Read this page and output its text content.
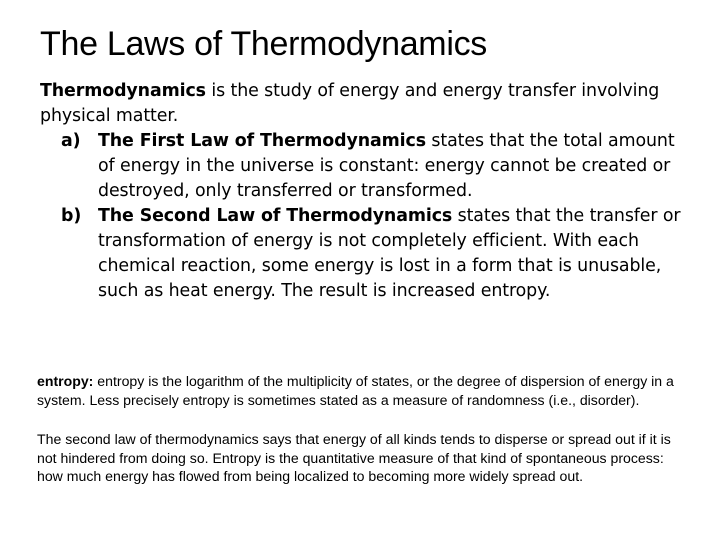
The Laws of Thermodynamics
Thermodynamics is the study of energy and energy transfer involving physical matter.
a) The First Law of Thermodynamics states that the total amount of energy in the universe is constant: energy cannot be created or destroyed, only transferred or transformed.
b) The Second Law of Thermodynamics states that the transfer or transformation of energy is not completely efficient. With each chemical reaction, some energy is lost in a form that is unusable, such as heat energy. The result is increased entropy.

entropy: entropy is the logarithm of the multiplicity of states, or the degree of dispersion of energy in a system. Less precisely entropy is sometimes stated as a measure of randomness (i.e., disorder).

The second law of thermodynamics says that energy of all kinds tends to disperse or spread out if it is not hindered from doing so. Entropy is the quantitative measure of that kind of spontaneous process: how much energy has flowed from being localized to becoming more widely spread out.
